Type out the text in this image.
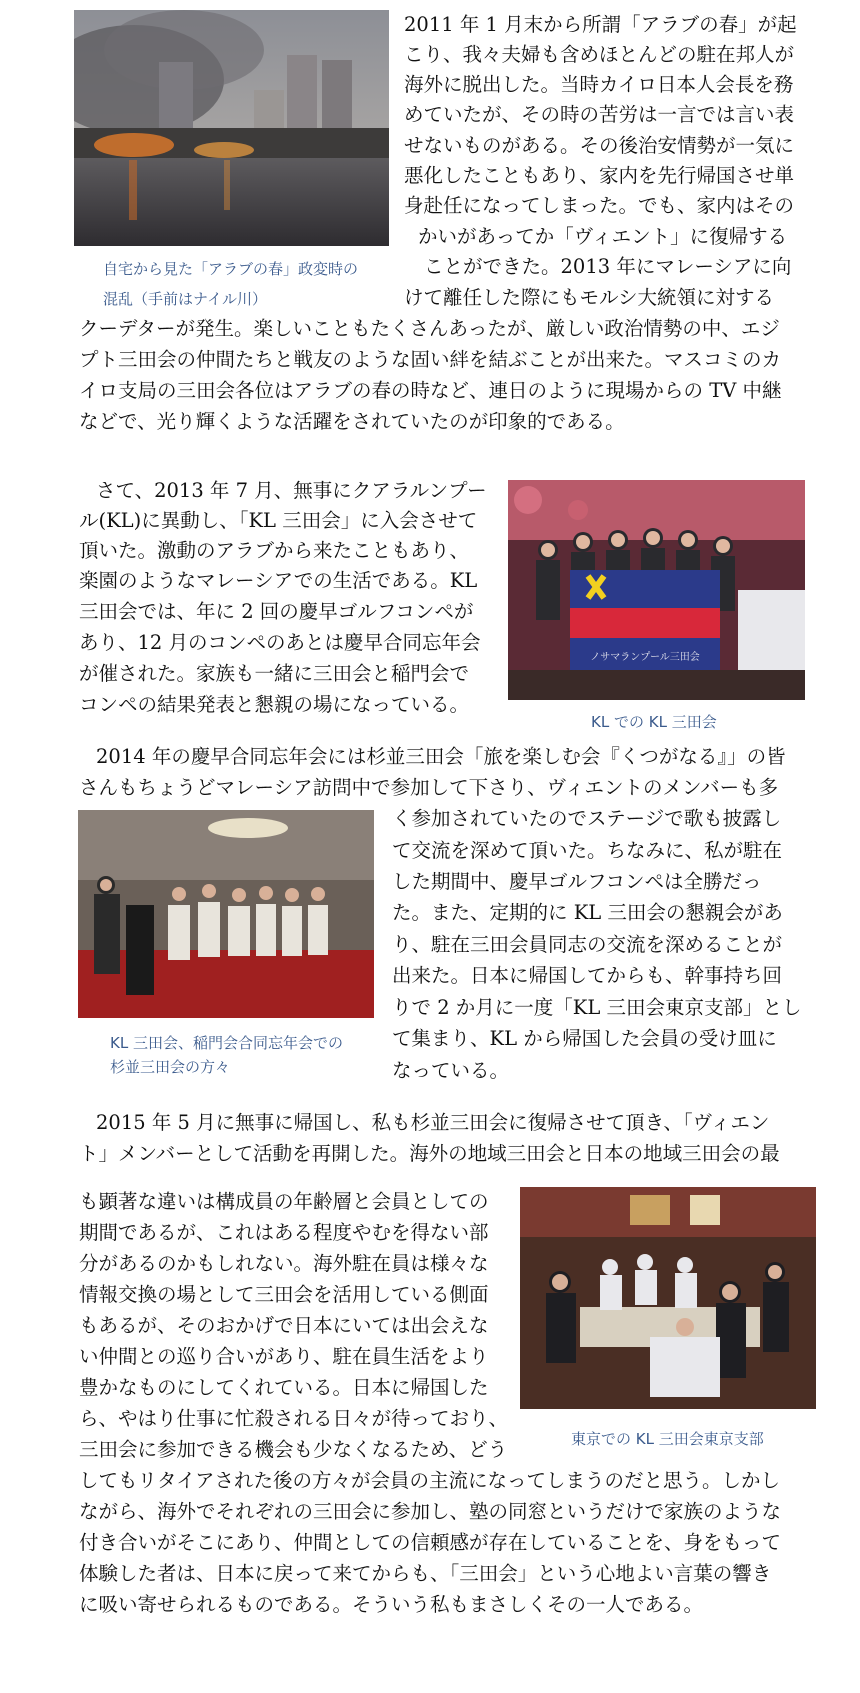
自宅から見た「アラブの春」政変時の
混乱（手前はナイル川）
2011 年 1 月末から所謂「アラブの春」が起
こり、我々夫婦も含めほとんどの駐在邦人が
海外に脱出した。当時カイロ日本人会長を務
めていたが、その時の苦労は一言では言い表
せないものがある。その後治安情勢が一気に
悪化したこともあり、家内を先行帰国させ単
身赴任になってしまった。でも、家内はその
かいがあってか「ヴィエント」に復帰する
ことができた。2013 年にマレーシアに向
けて離任した際にもモルシ大統領に対する
クーデターが発生。楽しいこともたくさんあったが、厳しい政治情勢の中、エジ
プト三田会の仲間たちと戦友のような固い絆を結ぶことが出来た。マスコミのカ
イロ支局の三田会各位はアラブの春の時など、連日のように現場からの TV 中継
などで、光り輝くような活躍をされていたのが印象的である。
ノサマランプール三田会
KL での KL 三田会
さて、2013 年 7 月、無事にクアラルンプー
ル(KL)に異動し、「KL 三田会」に入会させて
頂いた。激動のアラブから来たこともあり、
楽園のようなマレーシアでの生活である。KL
三田会では、年に 2 回の慶早ゴルフコンペが
あり、12 月のコンペのあとは慶早合同忘年会
が催された。家族も一緒に三田会と稲門会で
コンペの結果発表と懇親の場になっている。
2014 年の慶早合同忘年会には杉並三田会「旅を楽しむ会『くつがなる』」の皆
さんもちょうどマレーシア訪問中で参加して下さり、ヴィエントのメンバーも多
く参加されていたのでステージで歌も披露し
て交流を深めて頂いた。ちなみに、私が駐在
した期間中、慶早ゴルフコンペは全勝だっ
た。また、定期的に KL 三田会の懇親会があ
り、駐在三田会員同志の交流を深めることが
出来た。日本に帰国してからも、幹事持ち回
りで 2 か月に一度「KL 三田会東京支部」とし
て集まり、KL から帰国した会員の受け皿に
なっている。
KL 三田会、稲門会合同忘年会での
杉並三田会の方々
2015 年 5 月に無事に帰国し、私も杉並三田会に復帰させて頂き、「ヴィエン
ト」メンバーとして活動を再開した。海外の地域三田会と日本の地域三田会の最
東京での KL 三田会東京支部
も顕著な違いは構成員の年齢層と会員としての
期間であるが、これはある程度やむを得ない部
分があるのかもしれない。海外駐在員は様々な
情報交換の場として三田会を活用している側面
もあるが、そのおかげで日本にいては出会えな
い仲間との巡り合いがあり、駐在員生活をより
豊かなものにしてくれている。日本に帰国した
ら、やはり仕事に忙殺される日々が待っており、
三田会に参加できる機会も少なくなるため、どう
してもリタイアされた後の方々が会員の主流になってしまうのだと思う。しかし
ながら、海外でそれぞれの三田会に参加し、塾の同窓というだけで家族のような
付き合いがそこにあり、仲間としての信頼感が存在していることを、身をもって
体験した者は、日本に戻って来てからも、「三田会」という心地よい言葉の響き
に吸い寄せられるものである。そういう私もまさしくその一人である。
